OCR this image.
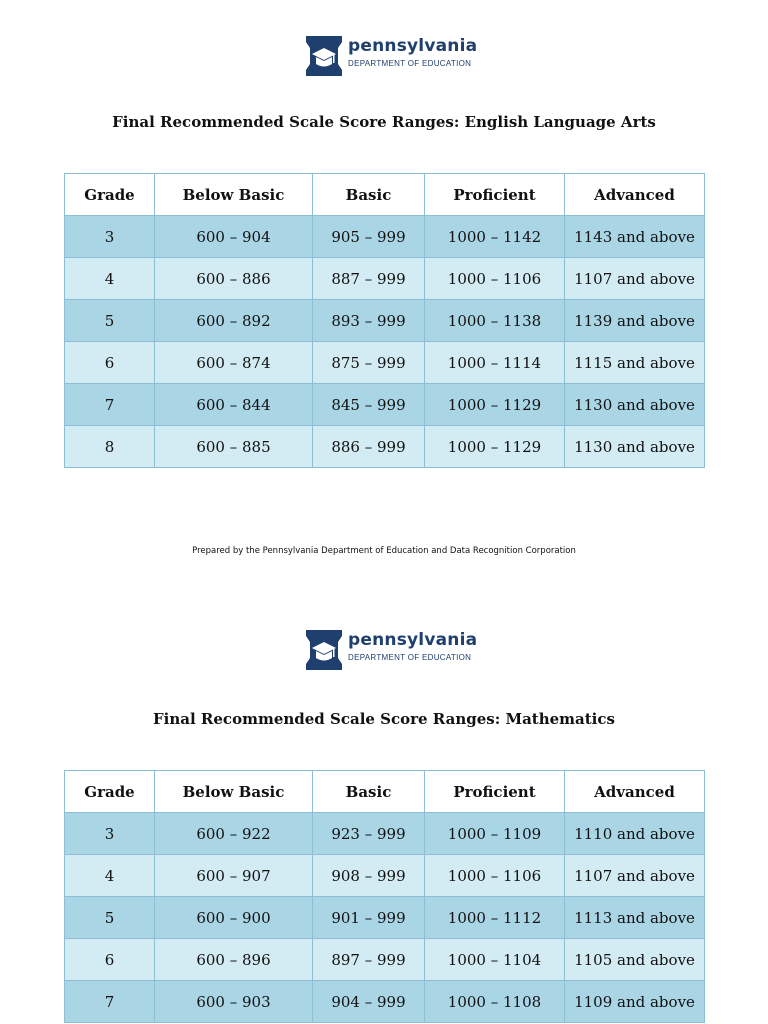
pennsylvania
DEPARTMENT OF EDUCATION
Final Recommended Scale Score Ranges: English Language Arts
Grade	Below Basic	Basic	Proficient	Advanced
3	600 – 904	905 – 999	1000 – 1142	1143 and above
4	600 – 886	887 – 999	1000 – 1106	1107 and above
5	600 – 892	893 – 999	1000 – 1138	1139 and above
6	600 – 874	875 – 999	1000 – 1114	1115 and above
7	600 – 844	845 – 999	1000 – 1129	1130 and above
8	600 – 885	886 – 999	1000 – 1129	1130 and above
Prepared by the Pennsylvania Department of Education and Data Recognition Corporation
pennsylvania
DEPARTMENT OF EDUCATION
Final Recommended Scale Score Ranges: Mathematics
Grade	Below Basic	Basic	Proficient	Advanced
3	600 – 922	923 – 999	1000 – 1109	1110 and above
4	600 – 907	908 – 999	1000 – 1106	1107 and above
5	600 – 900	901 – 999	1000 – 1112	1113 and above
6	600 – 896	897 – 999	1000 – 1104	1105 and above
7	600 – 903	904 – 999	1000 – 1108	1109 and above
